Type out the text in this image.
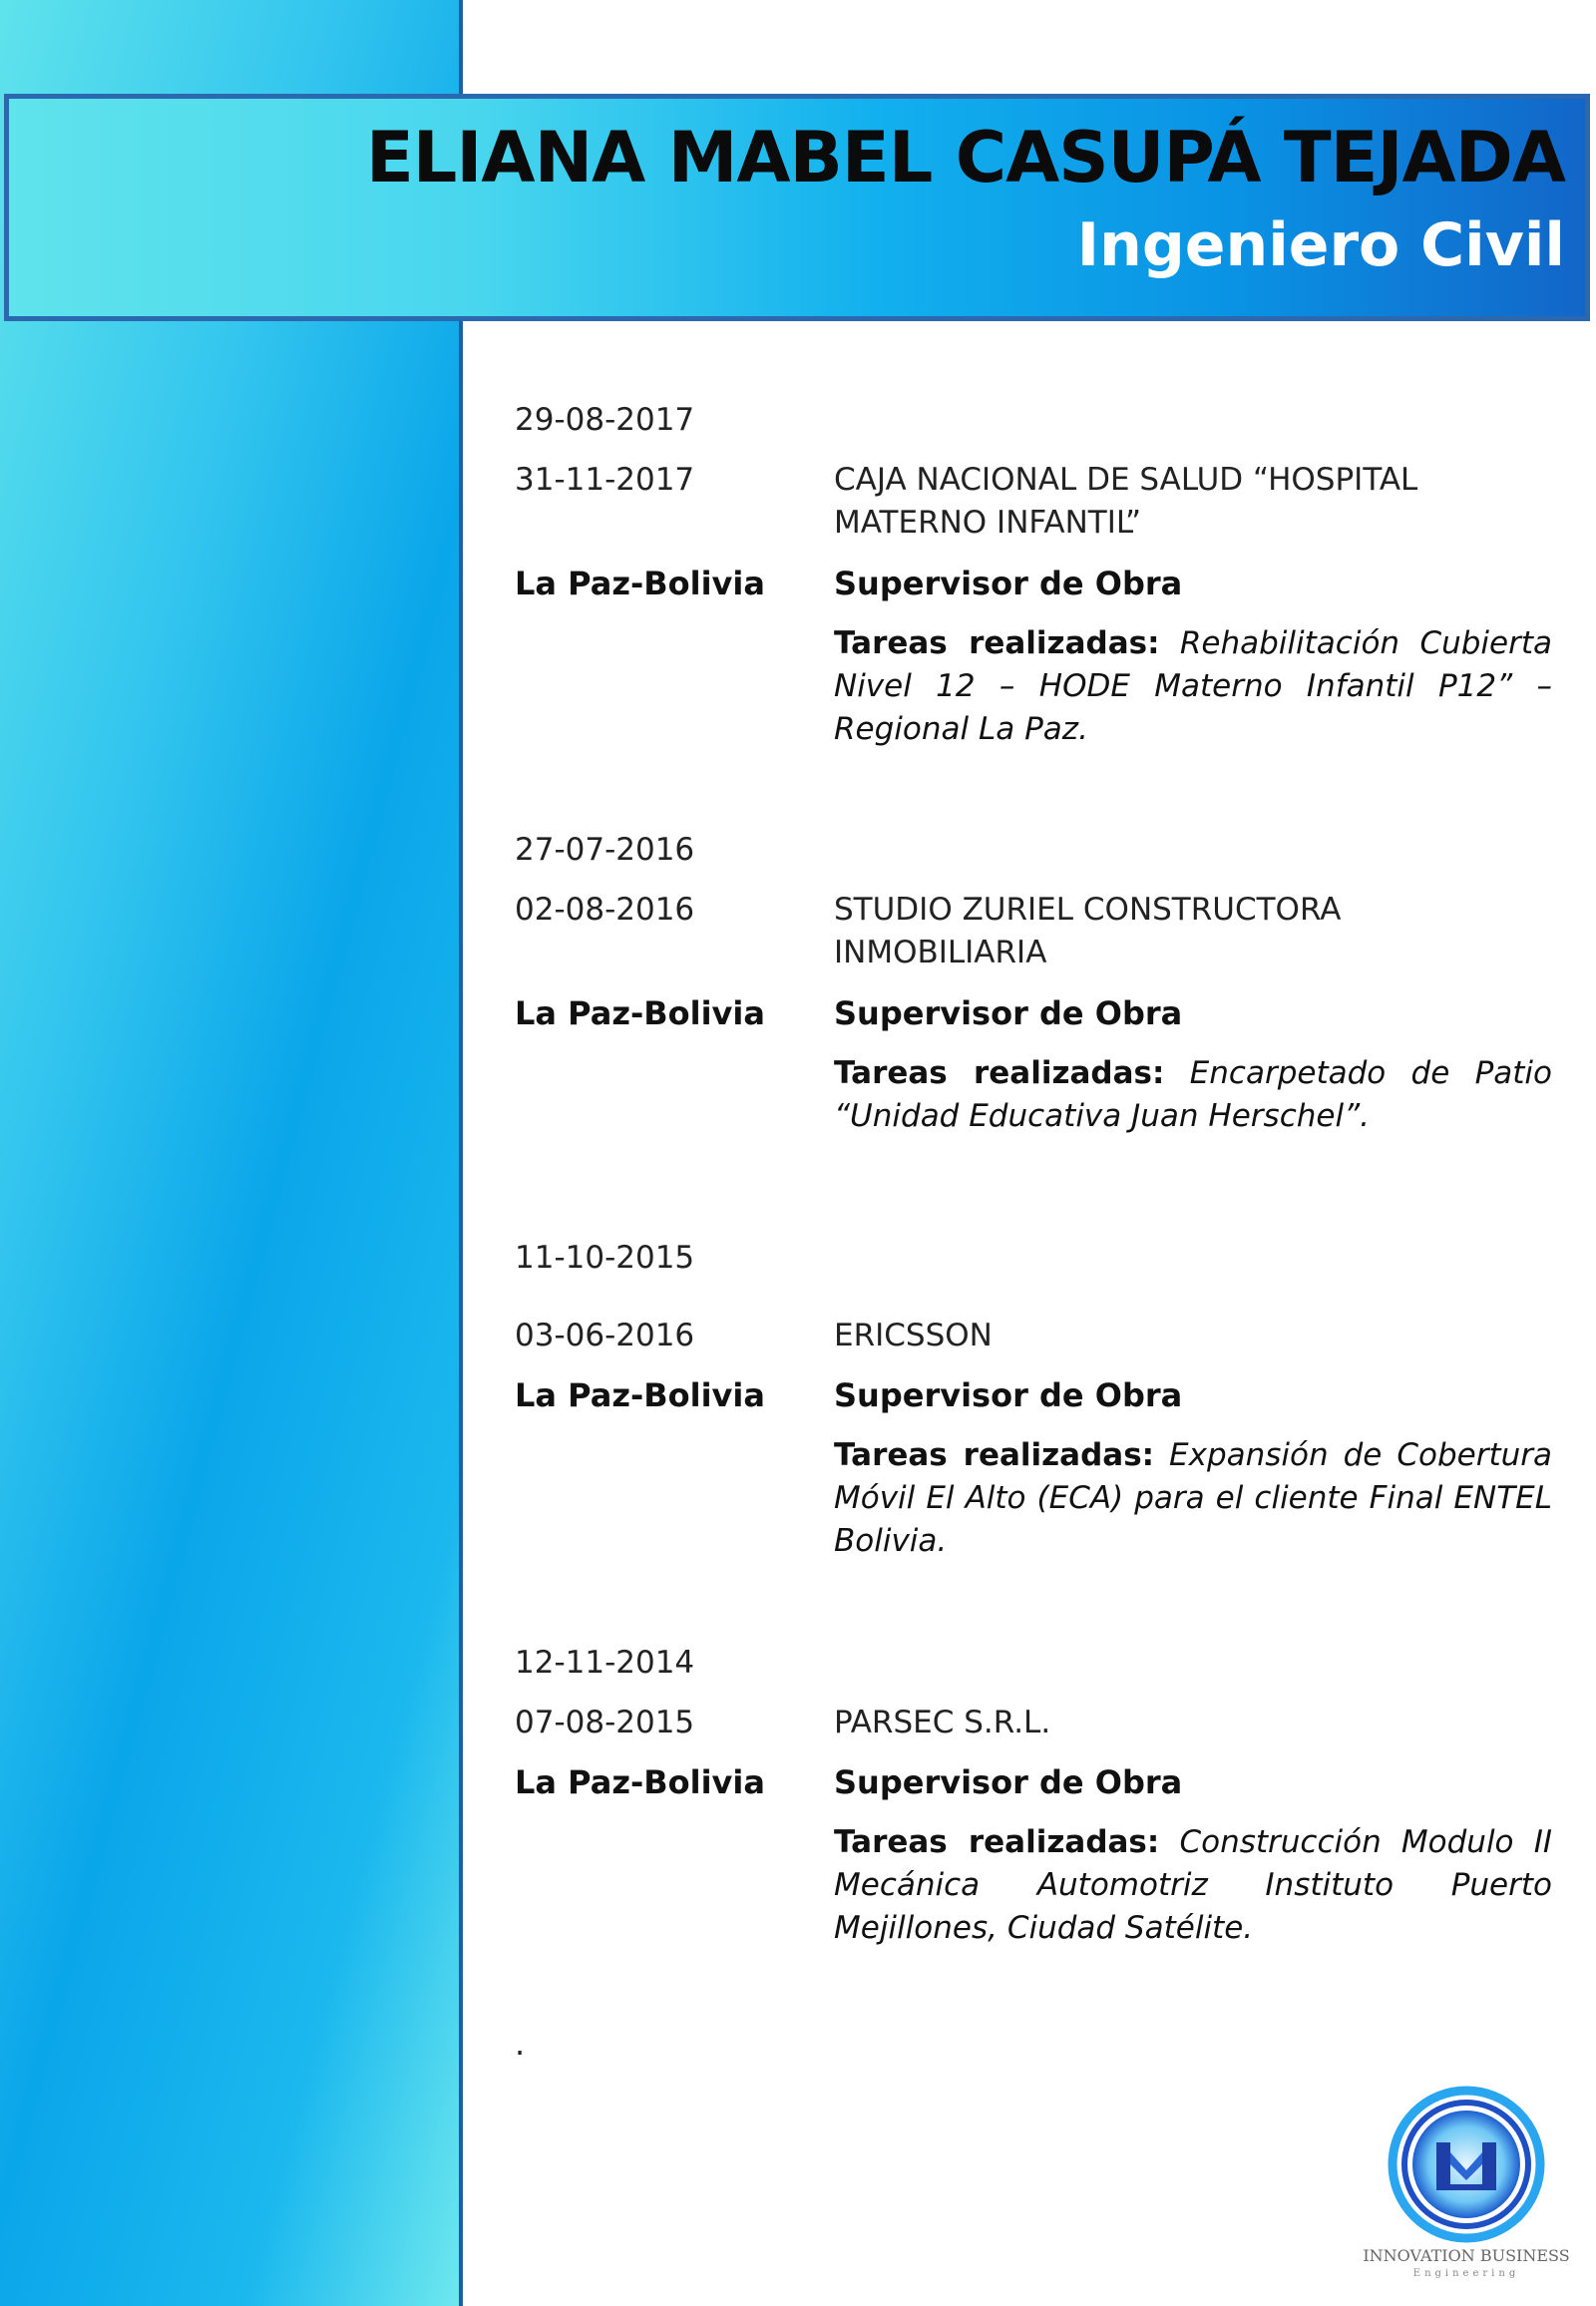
ELIANA MABEL CASUPÁ TEJADA
Ingeniero Civil
29-08-2017
31-11-2017	CAJA NACIONAL DE SALUD “HOSPITAL MATERNO INFANTIL”
La Paz-Bolivia	Supervisor de Obra
Tareas realizadas: Rehabilitación Cubierta Nivel 12 – HODE Materno Infantil P12” – Regional La Paz.
27-07-2016
02-08-2016	STUDIO ZURIEL CONSTRUCTORA INMOBILIARIA
La Paz-Bolivia	Supervisor de Obra
Tareas realizadas: Encarpetado de Patio “Unidad Educativa Juan Herschel”.
11-10-2015
03-06-2016	ERICSSON
La Paz-Bolivia	Supervisor de Obra
Tareas realizadas: Expansión de Cobertura Móvil El Alto (ECA) para el cliente Final ENTEL Bolivia.
12-11-2014
07-08-2015	PARSEC S.R.L.
La Paz-Bolivia	Supervisor de Obra
Tareas realizadas: Construcción Modulo II Mecánica Automotriz Instituto Puerto Mejillones, Ciudad Satélite.
.
INNOVATION BUSINESS
Engineering
